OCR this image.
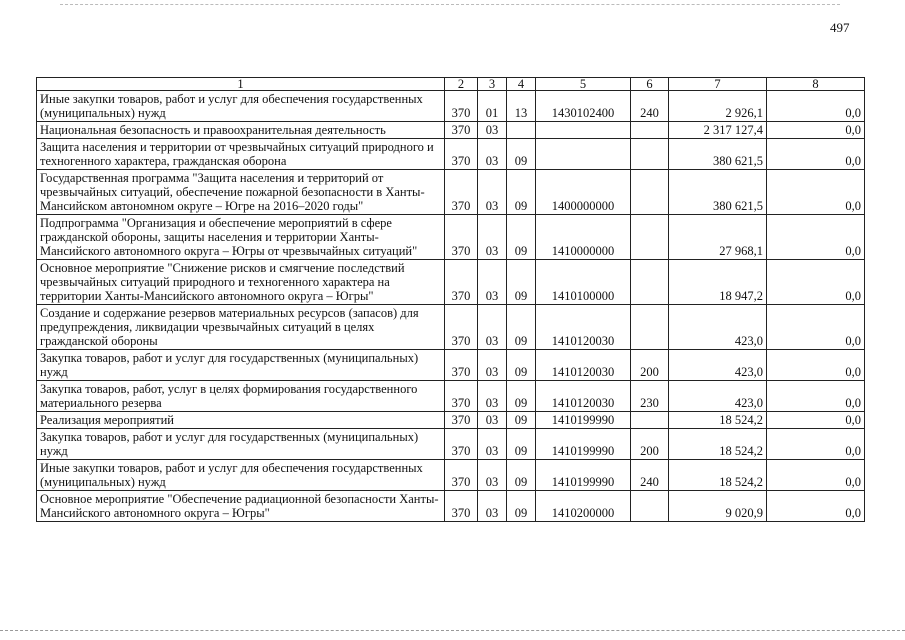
497
1	2	3	4	5	6	7	8
Иные закупки товаров, работ и услуг для обеспечения государственных (муниципальных) нужд	370	01	13	1430102400	240	2 926,1	0,0
Национальная безопасность и правоохранительная деятельность	370	03				2 317 127,4	0,0
Защита населения и территории от чрезвычайных ситуаций природного и техногенного характера, гражданская оборона	370	03	09			380 621,5	0,0
Государственная программа "Защита населения и территорий от чрезвычайных ситуаций, обеспечение пожарной безопасности в Ханты-Мансийском автономном округе – Югре на 2016–2020 годы"	370	03	09	1400000000		380 621,5	0,0
Подпрограмма "Организация и обеспечение мероприятий в сфере гражданской обороны, защиты населения и территории Ханты-Мансийского автономного округа – Югры от чрезвычайных ситуаций"	370	03	09	1410000000		27 968,1	0,0
Основное мероприятие "Снижение рисков и смягчение последствий чрезвычайных ситуаций природного и техногенного характера на территории Ханты-Мансийского автономного округа – Югры"	370	03	09	1410100000		18 947,2	0,0
Создание и содержание резервов материальных ресурсов (запасов) для предупреждения, ликвидации чрезвычайных ситуаций в целях гражданской обороны	370	03	09	1410120030		423,0	0,0
Закупка товаров, работ и услуг для государственных (муниципальных) нужд	370	03	09	1410120030	200	423,0	0,0
Закупка товаров, работ, услуг в целях формирования государственного материального резерва	370	03	09	1410120030	230	423,0	0,0
Реализация мероприятий	370	03	09	1410199990		18 524,2	0,0
Закупка товаров, работ и услуг для государственных (муниципальных) нужд	370	03	09	1410199990	200	18 524,2	0,0
Иные закупки товаров, работ и услуг для обеспечения государственных (муниципальных) нужд	370	03	09	1410199990	240	18 524,2	0,0
Основное мероприятие "Обеспечение радиационной безопасности Ханты-Мансийского автономного округа – Югры"	370	03	09	1410200000		9 020,9	0,0
